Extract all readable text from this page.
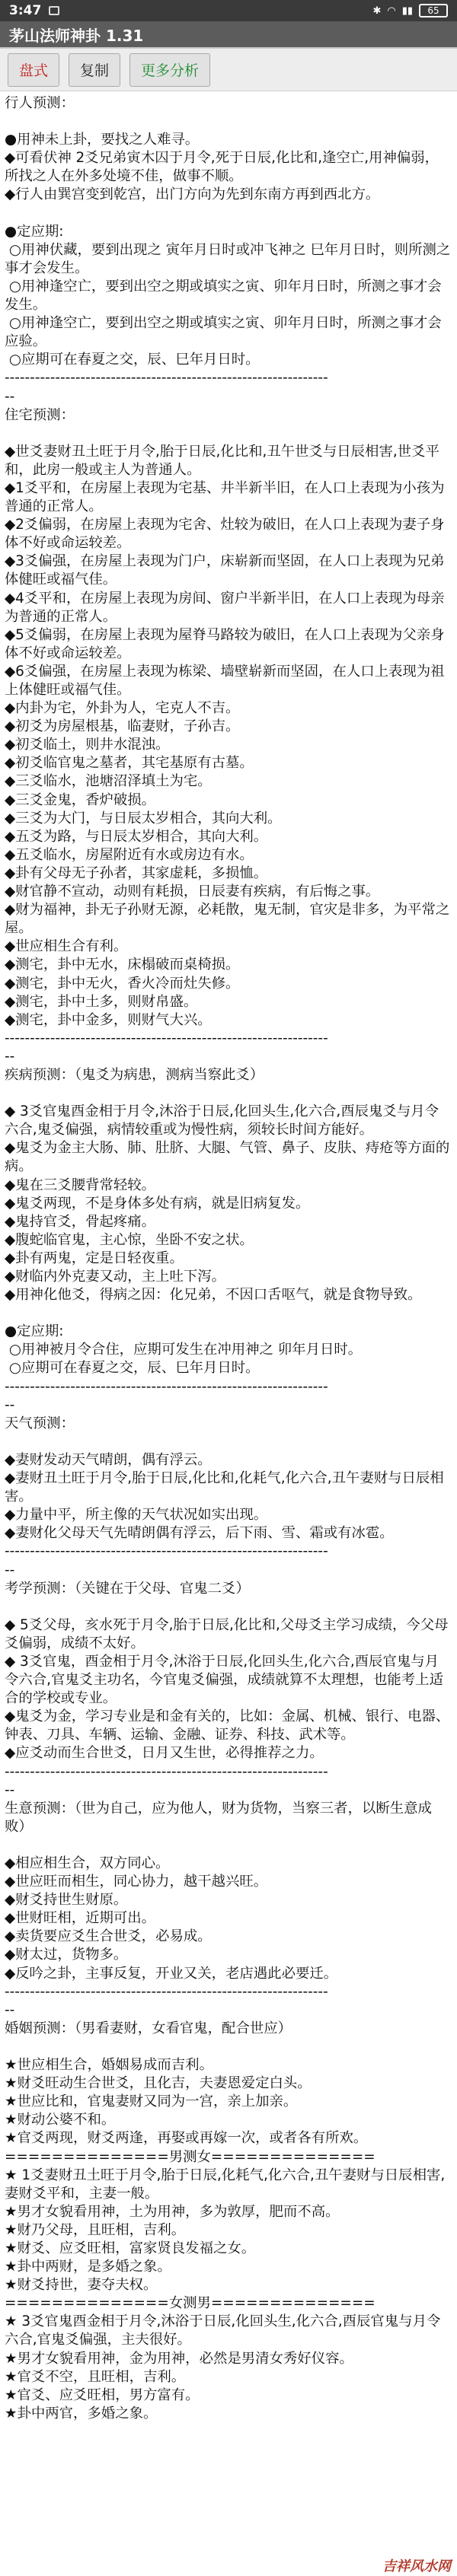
3:47	✱ ◠ ▮▮	65
茅山法师神卦 1.31
盘式	复制	更多分析
行人预测：

●用神未上卦，要找之人难寻。
◆可看伏神 2爻兄弟寅木囚于月令,死于日辰,化比和,逢空亡,用神偏弱，所找之人在外多处境不佳，做事不顺。
◆行人由巽宫变到乾宫，出门方向为先到东南方再到西北方。

●定应期:
○用神伏藏，要到出现之 寅年月日时或冲飞神之 巳年月日时，则所测之事才会发生。
○用神逢空亡，要到出空之期或填实之寅、卯年月日时，所测之事才会发生。
○用神逢空亡，要到出空之期或填实之寅、卯年月日时，所测之事才会应验。
○应期可在春夏之交，辰、巳年月日时。
----------------------------------------------------------------
--
住宅预测：

◆世爻妻财丑土旺于月令,胎于日辰,化比和,丑午世爻与日辰相害,世爻平和，此房一般或主人为普通人。
◆1爻平和，在房屋上表现为宅基、井半新半旧，在人口上表现为小孩为普通的正常人。
◆2爻偏弱，在房屋上表现为宅舍、灶较为破旧，在人口上表现为妻子身体不好或命运较差。
◆3爻偏强，在房屋上表现为门户，床崭新而坚固，在人口上表现为兄弟体健旺或福气佳。
◆4爻平和，在房屋上表现为房间、窗户半新半旧，在人口上表现为母亲为普通的正常人。
◆5爻偏弱，在房屋上表现为屋脊马路较为破旧，在人口上表现为父亲身体不好或命运较差。
◆6爻偏强，在房屋上表现为栋梁、墙壁崭新而坚固，在人口上表现为祖上体健旺或福气佳。
◆内卦为宅，外卦为人，宅克人不吉。
◆初爻为房屋根基，临妻财，子孙吉。
◆初爻临土，则井水混浊。
◆初爻临官鬼之墓者，其宅基原有古墓。
◆三爻临水，池塘沼泽填土为宅。
◆三爻金鬼，香炉破损。
◆三爻为大门，与日辰太岁相合，其向大利。
◆五爻为路，与日辰太岁相合，其向大利。
◆五爻临水，房屋附近有水或房边有水。
◆卦有父母无子孙者，其家虚耗，多损恤。
◆财官静不宣动，动则有耗损，日辰妻有疾病，有后悔之事。
◆财为福神，卦无子孙财无源，必耗散，鬼无制，官灾是非多，为平常之屋。
◆世应相生合有利。
◆测宅，卦中无水，床榻破而桌椅损。
◆测宅，卦中无火，香火冷而灶失修。
◆测宅，卦中土多，则财帛盛。
◆测宅，卦中金多，则财气大兴。
----------------------------------------------------------------
--
疾病预测：（鬼爻为病患，测病当察此爻）

◆ 3爻官鬼酉金相于月令,沐浴于日辰,化回头生,化六合,酉辰鬼爻与月令六合,鬼爻偏强，病情较重或为慢性病，须较长时间方能好。
◆鬼爻为金主大肠、肺、肚脐、大腿、气管、鼻子、皮肤、痔疮等方面的病。
◆鬼在三爻腰背常轻较。
◆鬼爻两现，不是身体多处有病，就是旧病复发。
◆鬼持官爻，骨起疼痛。
◆腹蛇临官鬼，主心惊，坐卧不安之状。
◆卦有两鬼，定是日轻夜重。
◆财临内外克妻又动，主上吐下泻。
◆用神化他爻，得病之因：化兄弟，不因口舌呕气，就是食物导致。

●定应期:
○用神被月令合住，应期可发生在冲用神之 卯年月日时。
○应期可在春夏之交，辰、巳年月日时。
----------------------------------------------------------------
--
天气预测：

◆妻财发动天气晴朗，偶有浮云。
◆妻财丑土旺于月令,胎于日辰,化比和,化耗气,化六合,丑午妻财与日辰相害。
◆力量中平，所主像的天气状况如实出现。
◆妻财化父母天气先晴朗偶有浮云，后下雨、雪、霜或有冰雹。
----------------------------------------------------------------
--
考学预测：（关键在于父母、官鬼二爻）

◆ 5爻父母，亥水死于月令,胎于日辰,化比和,父母爻主学习成绩，今父母爻偏弱，成绩不太好。
◆ 3爻官鬼，酉金相于月令,沐浴于日辰,化回头生,化六合,酉辰官鬼与月令六合,官鬼爻主功名，今官鬼爻偏强，成绩就算不太理想，也能考上适合的学校或专业。
◆鬼爻为金，学习专业是和金有关的，比如：金属、机械、银行、电器、钟表、刀具、车辆、运输、金融、证券、科技、武术等。
◆应爻动而生合世爻，日月又生世，必得推荐之力。
----------------------------------------------------------------
--
生意预测：（世为自己，应为他人，财为货物，当察三者，以断生意成败）

◆相应相生合，双方同心。
◆世应旺而相生，同心协力，越干越兴旺。
◆财爻持世生财原。
◆世财旺相，近期可出。
◆卖货要应爻生合世爻，必易成。
◆财太过，货物多。
◆反吟之卦，主事反复，开业又关，老店遇此必要迁。
----------------------------------------------------------------
--
婚姻预测：（男看妻财，女看官鬼，配合世应）

★世应相生合，婚姻易成而吉利。
★财爻旺动生合世爻，且化吉，夫妻恩爱定白头。
★世应比和，官鬼妻财又同为一宫，亲上加亲。
★财动公婆不和。
★官爻两现，财爻两逢，再娶或再嫁一次，或者各有所欢。
==============男测女==============
★ 1爻妻财丑土旺于月令,胎于日辰,化耗气,化六合,丑午妻财与日辰相害,妻财爻平和，主妻一般。
★男才女貌看用神，土为用神，多为敦厚，肥而不高。
★财乃父母，且旺相，吉利。
★财爻、应爻旺相，富家贤良发福之女。
★卦中两财，是多婚之象。
★财爻持世，妻夺夫权。
==============女测男==============
★ 3爻官鬼酉金相于月令,沐浴于日辰,化回头生,化六合,酉辰官鬼与月令六合,官鬼爻偏强，主夫很好。
★男才女貌看用神，金为用神，必然是男清女秀好仪容。
★官爻不空，且旺相，吉利。
★官爻、应爻旺相，男方富有。
★卦中两官，多婚之象。
吉祥风水网
